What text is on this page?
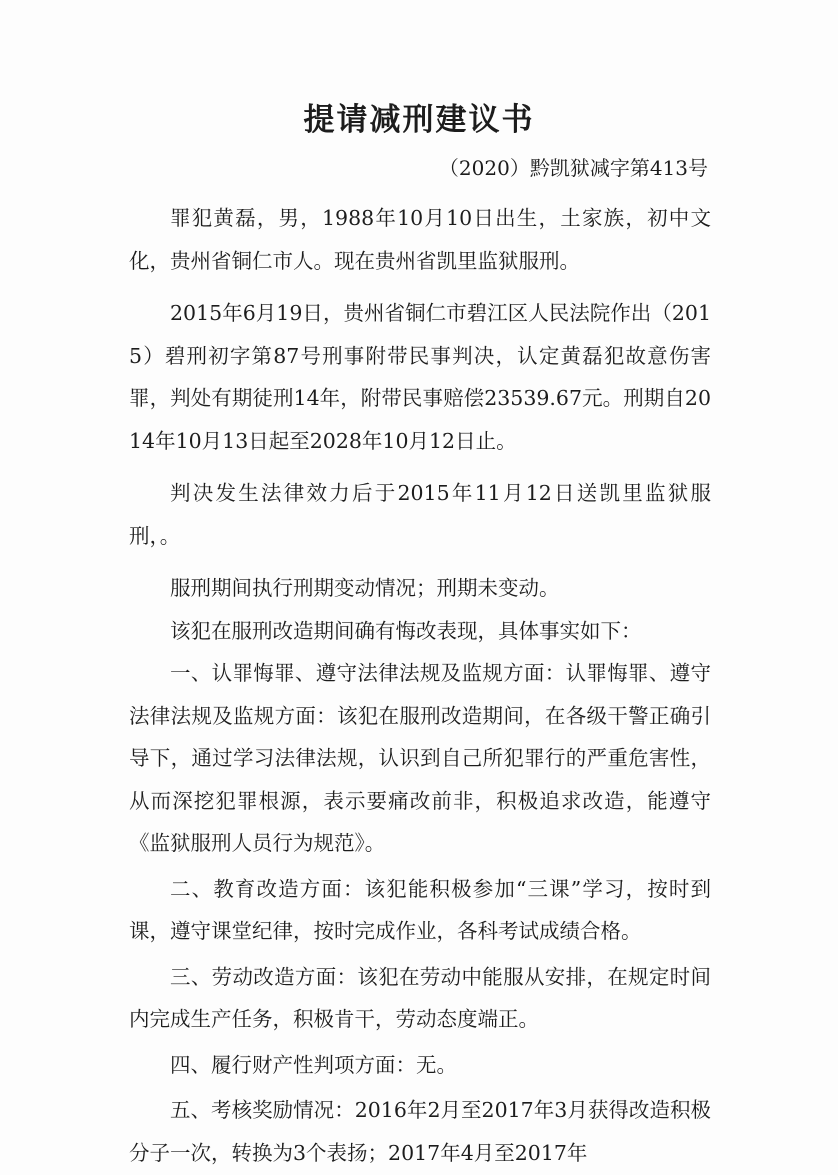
提请减刑建议书
（2020）黔凯狱减字第413号

罪犯黄磊，男，1988年10月10日出生，土家族，初中文化，贵州省铜仁市人。现在贵州省凯里监狱服刑。

2015年6月19日，贵州省铜仁市碧江区人民法院作出（2015）碧刑初字第87号刑事附带民事判决，认定黄磊犯故意伤害罪，判处有期徒刑14年，附带民事赔偿23539.67元。刑期自2014年10月13日起至2028年10月12日止。

判决发生法律效力后于2015年11月12日送凯里监狱服刑，。

服刑期间执行刑期变动情况；刑期未变动。

该犯在服刑改造期间确有悔改表现，具体事实如下：

一、认罪悔罪、遵守法律法规及监规方面：认罪悔罪、遵守法律法规及监规方面：该犯在服刑改造期间，在各级干警正确引导下，通过学习法律法规，认识到自己所犯罪行的严重危害性，从而深挖犯罪根源，表示要痛改前非，积极追求改造，能遵守《监狱服刑人员行为规范》。

二、教育改造方面：该犯能积极参加“三课”学习，按时到课，遵守课堂纪律，按时完成作业，各科考试成绩合格。

三、劳动改造方面：该犯在劳动中能服从安排，在规定时间内完成生产任务，积极肯干，劳动态度端正。

四、履行财产性判项方面：无。

五、考核奖励情况：2016年2月至2017年3月获得改造积极分子一次，转换为3个表扬；2017年4月至2017年
